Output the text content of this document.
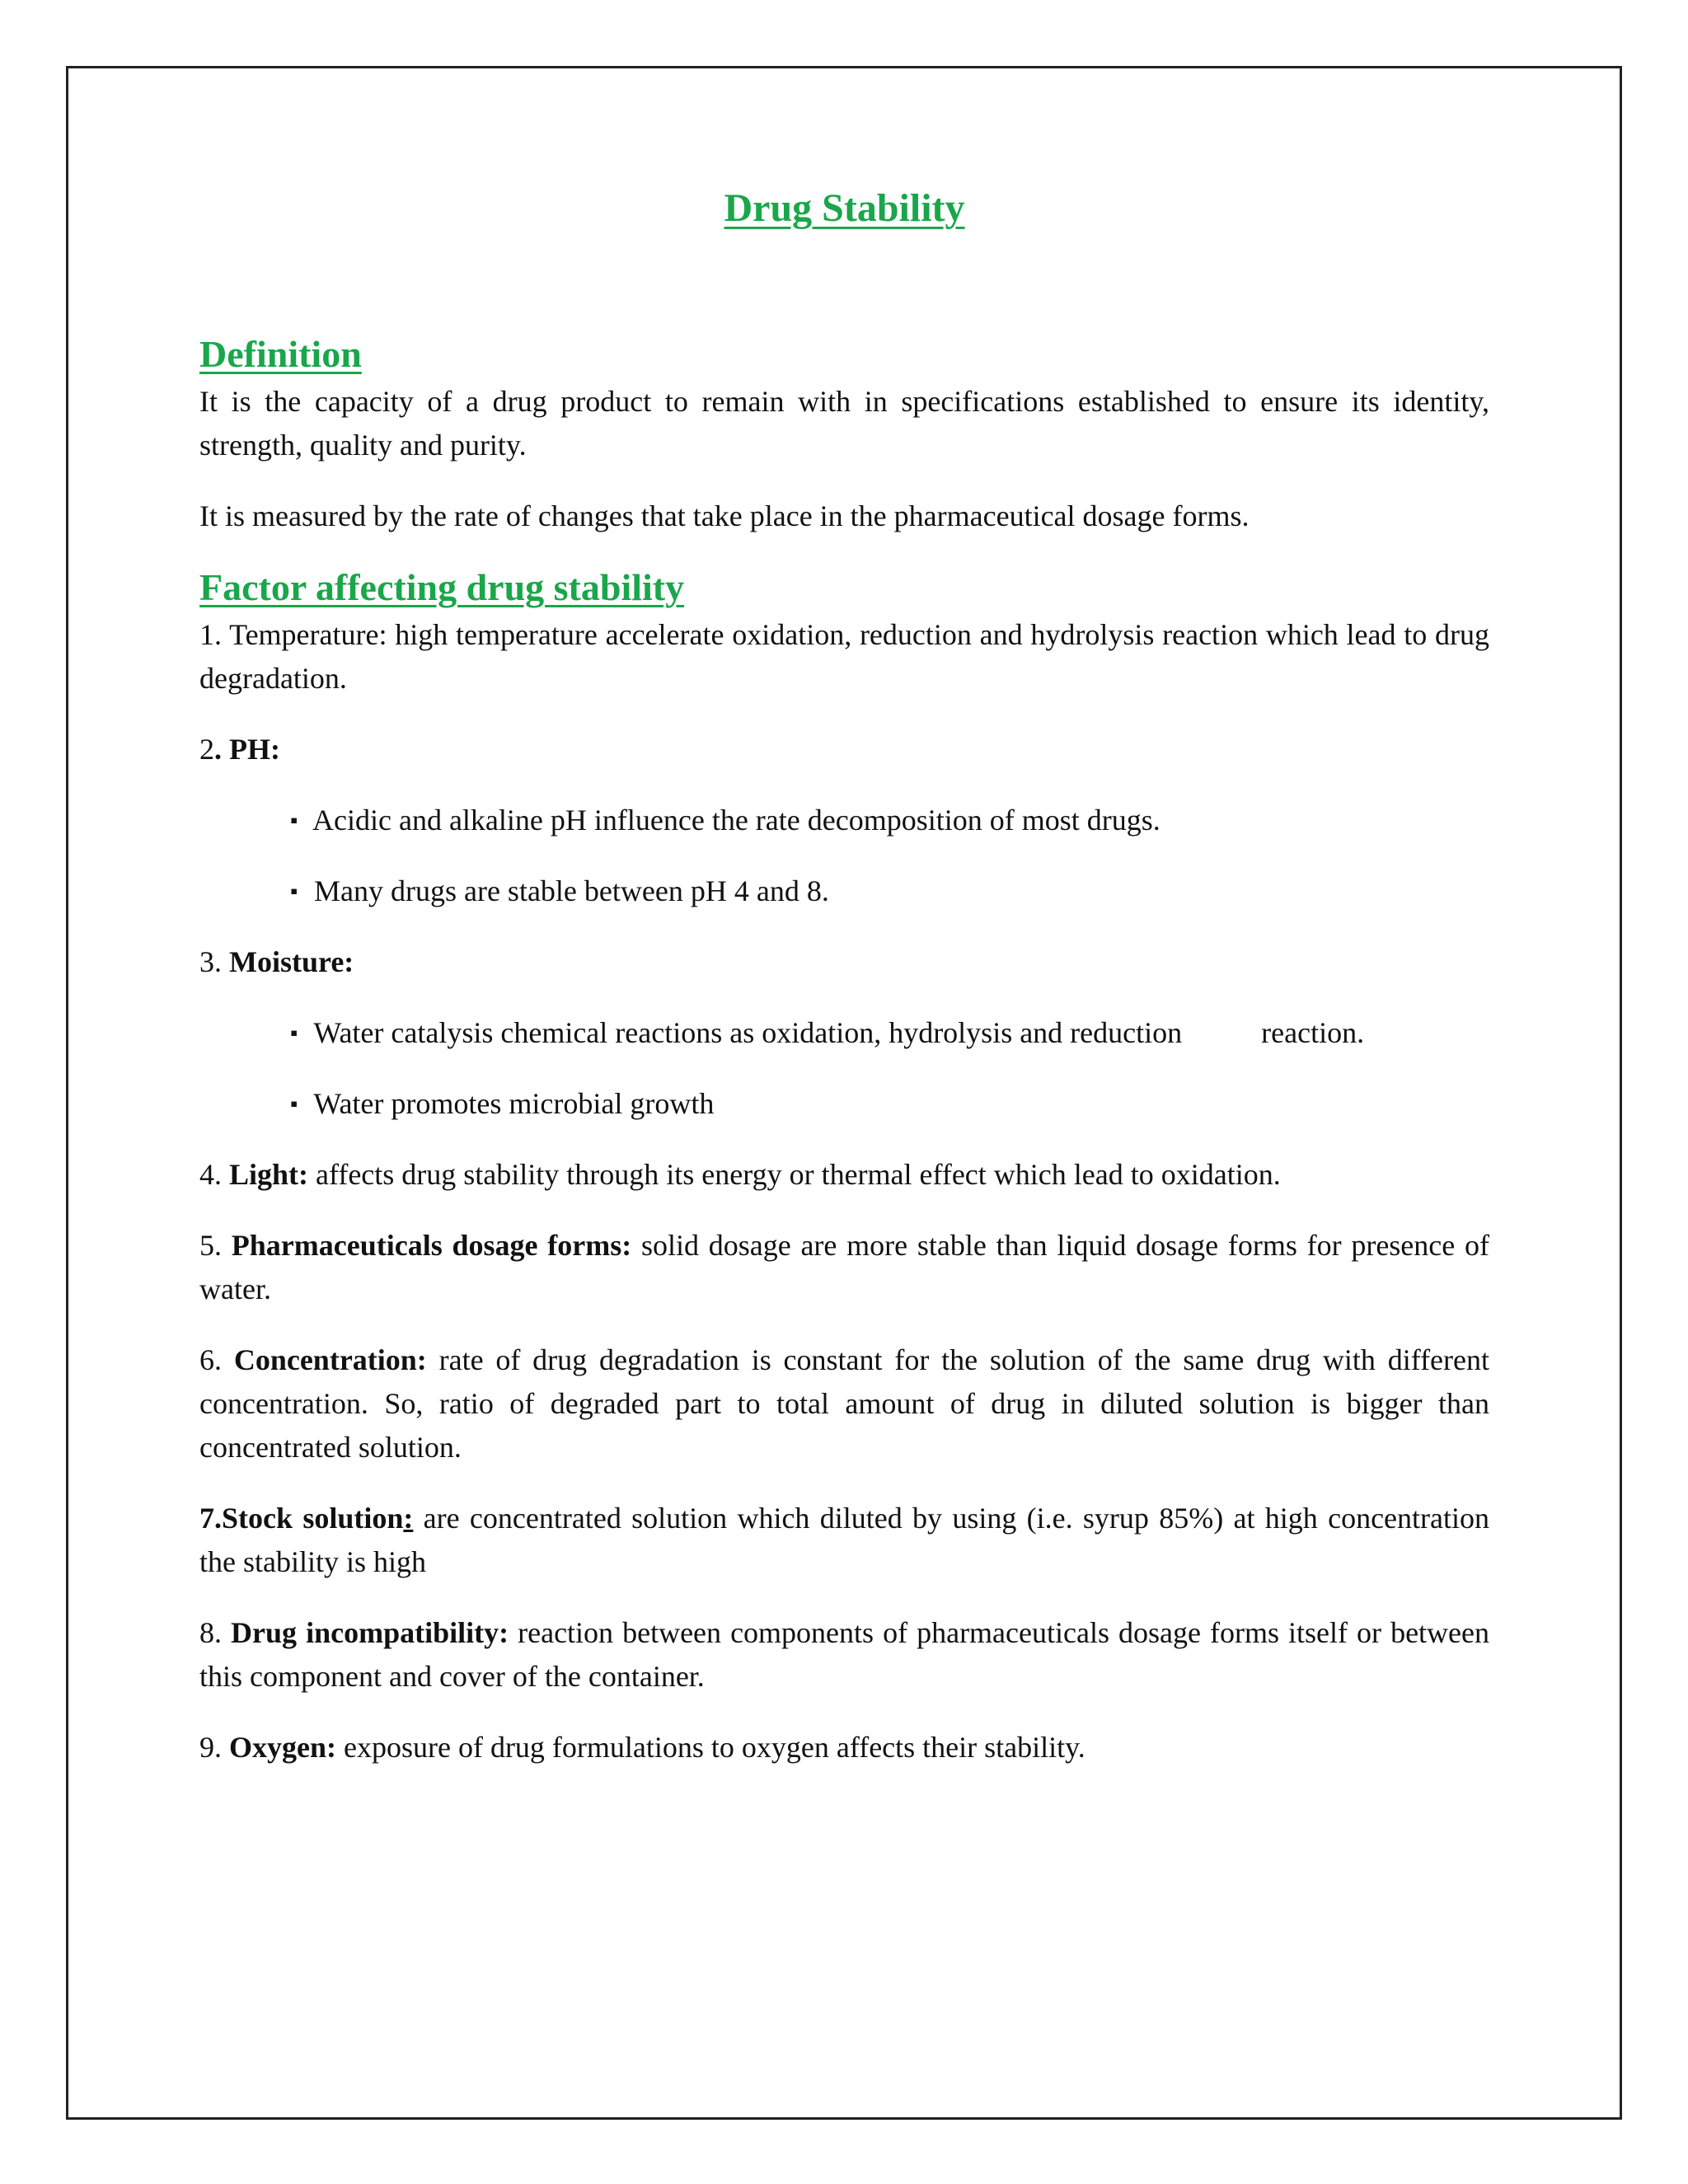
Drug Stability
Definition

It is the capacity of a drug product to remain with in specifications established to ensure its identity, strength, quality and purity.

It is measured by the rate of changes that take place in the pharmaceutical dosage forms.

Factor affecting drug stability

1. Temperature: high temperature accelerate oxidation, reduction and hydrolysis reaction which lead to drug degradation.

2. PH:

▪ Acidic and alkaline pH influence the rate decomposition of most drugs.
▪ Many drugs are stable between pH 4 and 8.

3. Moisture:

▪ Water catalysis chemical reactions as oxidation, hydrolysis and reduction	reaction.
▪ Water promotes microbial growth

4. Light: affects drug stability through its energy or thermal effect which lead to oxidation.

5. Pharmaceuticals dosage forms: solid dosage are more stable than liquid dosage forms for presence of water.

6. Concentration: rate of drug degradation is constant for the solution of the same drug with different concentration. So, ratio of degraded part to total amount of drug in diluted solution is bigger than concentrated solution.

7.Stock solution: are concentrated solution which diluted by using (i.e. syrup 85%) at high concentration the stability is high

8. Drug incompatibility: reaction between components of pharmaceuticals dosage forms itself or between this component and cover of the container.

9. Oxygen: exposure of drug formulations to oxygen affects their stability.
